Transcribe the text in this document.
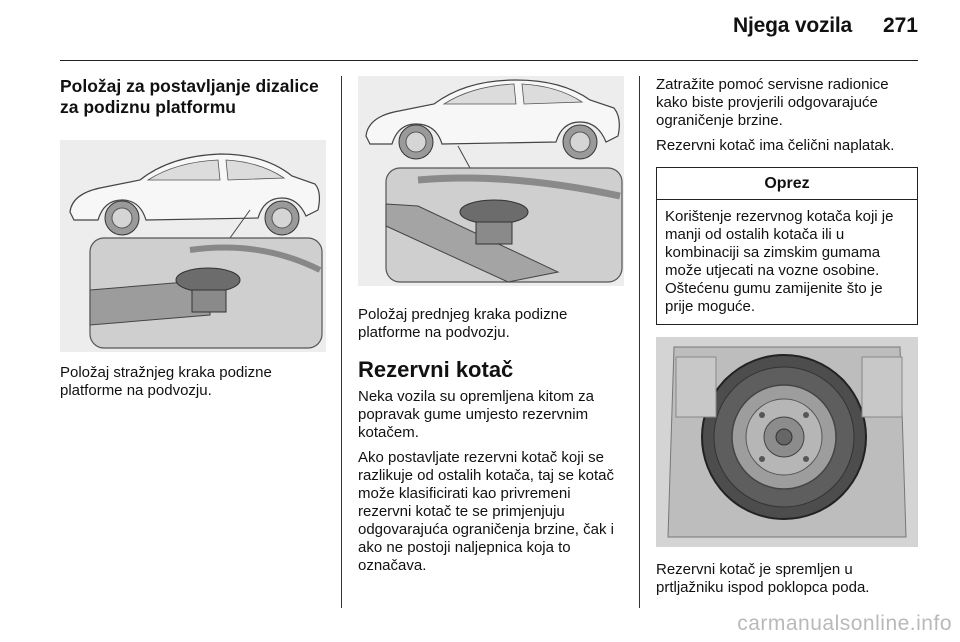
Njega vozila 271
Položaj za postavljanje dizalice za podiznu platformu
Položaj stražnjeg kraka podizne platforme na podvozju.
Položaj prednjeg kraka podizne platforme na podvozju.
Rezervni kotač

Neka vozila su opremljena kitom za popravak gume umjesto rezervnim kotačem.

Ako postavljate rezervni kotač koji se razlikuje od ostalih kotača, taj se kotač može klasificirati kao privremeni rezervni kotač te se primjenjuju odgovarajuća ograničenja brzine, čak i ako ne postoji naljepnica koja to označava.

Zatražite pomoć servisne radionice kako biste provjerili odgovarajuće ograničenje brzine.

Rezervni kotač ima čelični naplatak.

Oprez
Korištenje rezervnog kotača koji je manji od ostalih kotača ili u kombinaciji sa zimskim gumama može utjecati na vozne osobine. Oštećenu gumu zamijenite što je prije moguće.
Rezervni kotač je spremljen u prtljažniku ispod poklopca poda.
carmanualsonline.info
